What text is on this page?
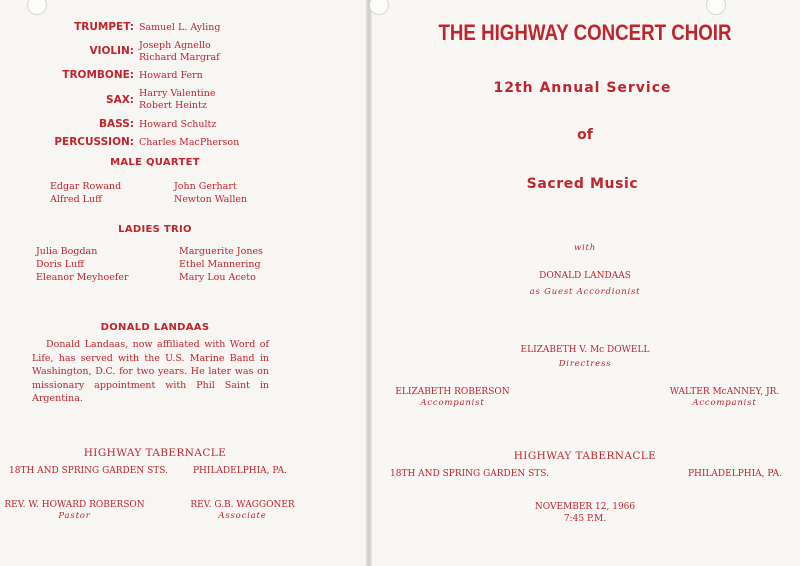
TRUMPET: Samuel L. Ayling
VIOLIN: Joseph Agnello
Richard Margraf
TROMBONE: Howard Fern
SAX:
Harry Valentine
Robert Heintz
BASS: Howard Schultz
PERCUSSION: Charles MacPherson
MALE QUARTET
Edgar Rowand
Alfred Luff
John Gerhart
Newton Wallen
LADIES TRIO
Julia Bogdan
Doris Luff
Eleanor Meyhoefer
Marguerite Jones
Ethel Mannering
Mary Lou Aceto
DONALD LANDAAS
Donald Landaas, now affiliated with Word of Life, has served with the U.S. Marine Band in Washington, D.C. for two years. He later was on missionary appointment with Phil Saint in Argentina.
HIGHWAY TABERNACLE
18TH AND SPRING GARDEN STS.	PHILADELPHIA, PA.
REV. W. HOWARD ROBERSON
Pastor
REV. G.B. WAGGONER
Associate
THE HIGHWAY CONCERT CHOIR
12th Annual Service
of
Sacred Music
with
DONALD LANDAAS
as Guest Accordionist
ELIZABETH V. Mc DOWELL
Directress
ELIZABETH ROBERSON
Accompanist
WALTER McANNEY, JR.
Accompanist
HIGHWAY TABERNACLE
18TH AND SPRING GARDEN STS.	PHILADELPHIA, PA.
NOVEMBER 12, 1966
7:45 P.M.
